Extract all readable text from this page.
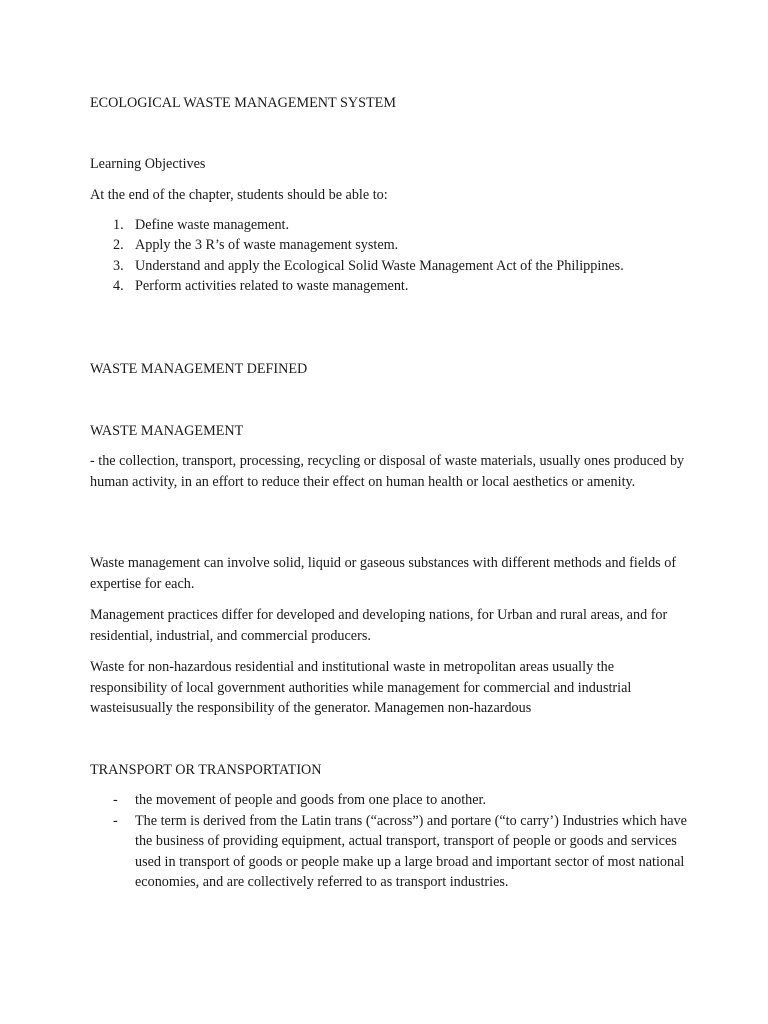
ECOLOGICAL WASTE MANAGEMENT SYSTEM
Learning Objectives
At the end of the chapter, students should be able to:
1. Define waste management.
2. Apply the 3 R’s of waste management system.
3. Understand and apply the Ecological Solid Waste Management Act of the Philippines.
4. Perform activities related to waste management.
WASTE MANAGEMENT DEFINED
WASTE MANAGEMENT
- the collection, transport, processing, recycling or disposal of waste materials, usually ones produced by human activity, in an effort to reduce their effect on human health or local aesthetics or amenity.
Waste management can involve solid, liquid or gaseous substances with different methods and fields of expertise for each.
Management practices differ for developed and developing nations, for Urban and rural areas, and for residential, industrial, and commercial producers.
Waste for non-hazardous residential and institutional waste in metropolitan areas usually the responsibility of local government authorities while management for commercial and industrial wasteisusually the responsibility of the generator. Managemen non-hazardous
TRANSPORT OR TRANSPORTATION
- the movement of people and goods from one place to another.
- The term is derived from the Latin trans (“across”) and portare (“to carry’) Industries which have the business of providing equipment, actual transport, transport of people or goods and services used in transport of goods or people make up a large broad and important sector of most national economies, and are collectively referred to as transport industries.
